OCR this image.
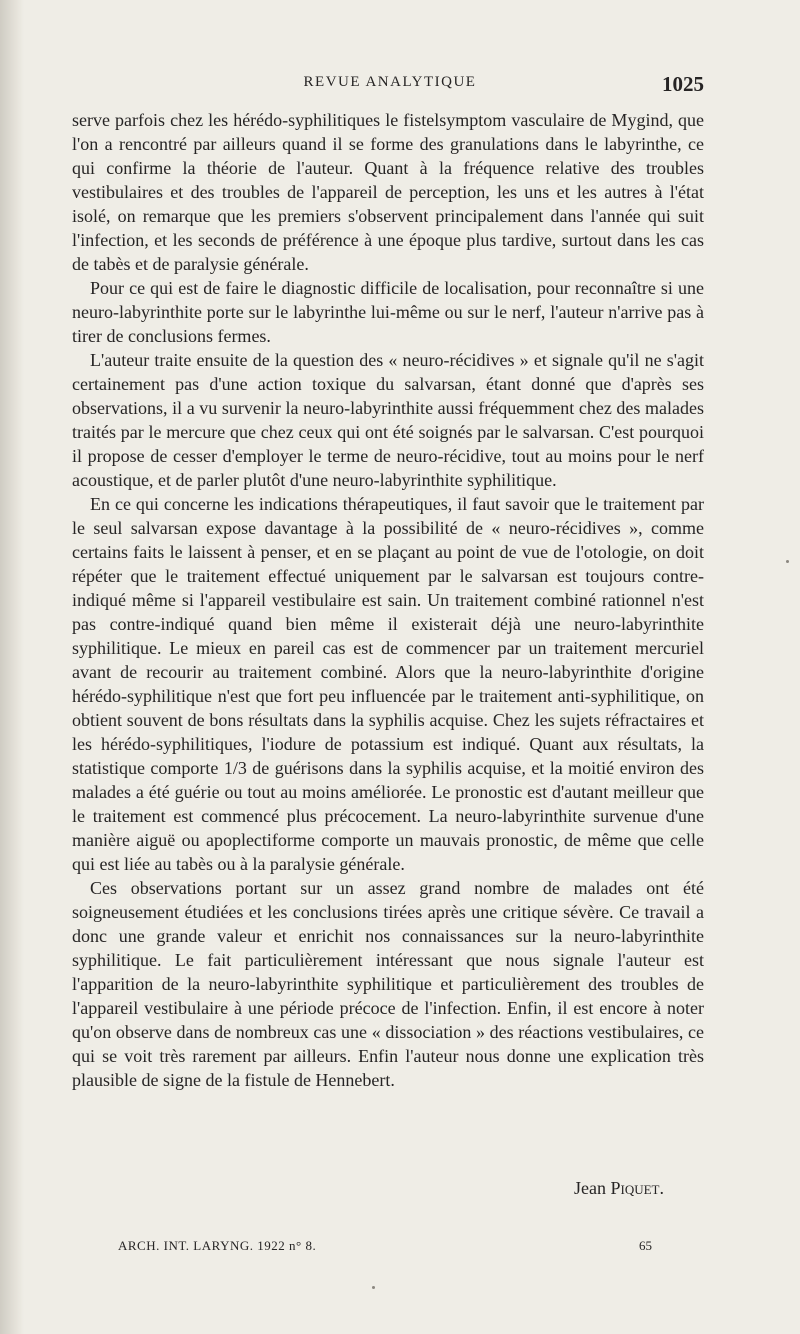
REVUE ANALYTIQUE	1025

serve parfois chez les hérédo-syphilitiques le fistelsymptom vasculaire de Mygind, que l'on a rencontré par ailleurs quand il se forme des granulations dans le labyrinthe, ce qui confirme la théorie de l'auteur. Quant à la fréquence relative des troubles vestibulaires et des troubles de l'appareil de perception, les uns et les autres à l'état isolé, on remarque que les premiers s'observent principalement dans l'année qui suit l'infection, et les seconds de préférence à une époque plus tardive, surtout dans les cas de tabès et de paralysie générale.

Pour ce qui est de faire le diagnostic difficile de localisation, pour reconnaître si une neuro-labyrinthite porte sur le labyrinthe lui-même ou sur le nerf, l'auteur n'arrive pas à tirer de conclusions fermes.

L'auteur traite ensuite de la question des « neuro-récidives » et signale qu'il ne s'agit certainement pas d'une action toxique du salvarsan, étant donné que d'après ses observations, il a vu survenir la neuro-labyrinthite aussi fréquemment chez des malades traités par le mercure que chez ceux qui ont été soignés par le salvarsan. C'est pourquoi il propose de cesser d'employer le terme de neuro-récidive, tout au moins pour le nerf acoustique, et de parler plutôt d'une neuro-labyrinthite syphilitique.

En ce qui concerne les indications thérapeutiques, il faut savoir que le traitement par le seul salvarsan expose davantage à la possibilité de « neuro-récidives », comme certains faits le laissent à penser, et en se plaçant au point de vue de l'otologie, on doit répéter que le traitement effectué uniquement par le salvarsan est toujours contre-indiqué même si l'appareil vestibulaire est sain. Un traitement combiné rationnel n'est pas contre-indiqué quand bien même il existerait déjà une neuro-labyrinthite syphilitique. Le mieux en pareil cas est de commencer par un traitement mercuriel avant de recourir au traitement combiné. Alors que la neuro-labyrinthite d'origine hérédo-syphilitique n'est que fort peu influencée par le traitement anti-syphilitique, on obtient souvent de bons résultats dans la syphilis acquise. Chez les sujets réfractaires et les hérédo-syphilitiques, l'iodure de potassium est indiqué. Quant aux résultats, la statistique comporte 1/3 de guérisons dans la syphilis acquise, et la moitié environ des malades a été guérie ou tout au moins améliorée. Le pronostic est d'autant meilleur que le traitement est commencé plus précocement. La neuro-labyrinthite survenue d'une manière aiguë ou apoplectiforme comporte un mauvais pronostic, de même que celle qui est liée au tabès ou à la paralysie générale.

Ces observations portant sur un assez grand nombre de malades ont été soigneusement étudiées et les conclusions tirées après une critique sévère. Ce travail a donc une grande valeur et enrichit nos connaissances sur la neuro-labyrinthite syphilitique. Le fait particulièrement intéressant que nous signale l'auteur est l'apparition de la neuro-labyrinthite syphilitique et particulièrement des troubles de l'appareil vestibulaire à une période précoce de l'infection. Enfin, il est encore à noter qu'on observe dans de nombreux cas une « dissociation » des réactions vestibulaires, ce qui se voit très rarement par ailleurs. Enfin l'auteur nous donne une explication très plausible de signe de la fistule de Hennebert.

Jean Piquet.
ARCH. INT. LARYNG. 1922 n° 8.	65
